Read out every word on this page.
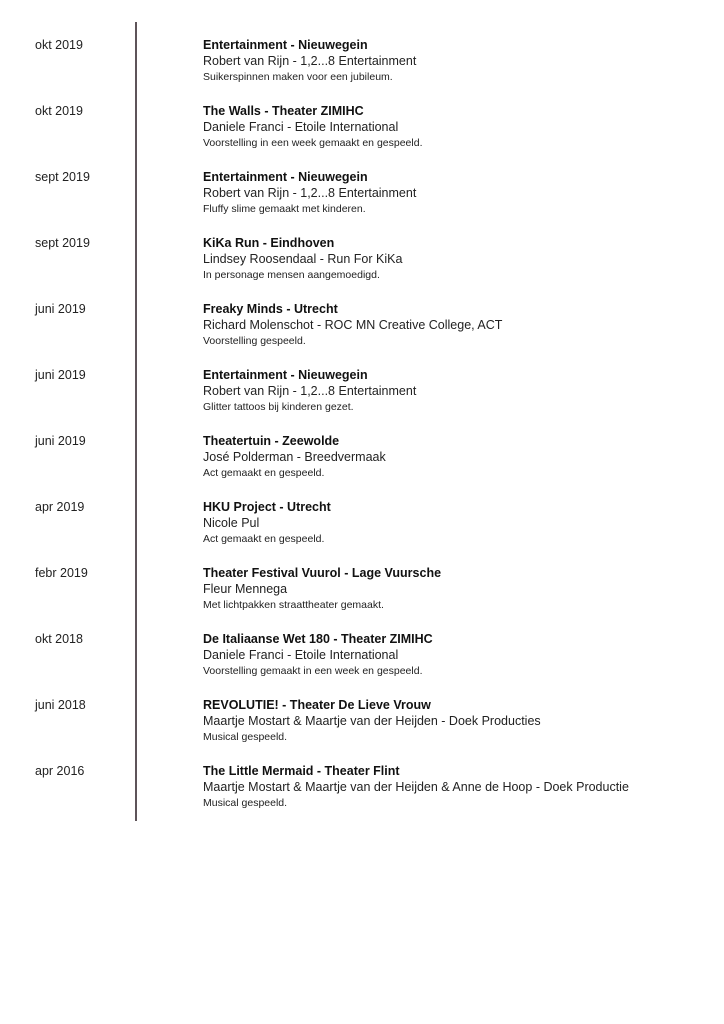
okt 2019	Entertainment - Nieuwegein
Robert van Rijn - 1,2...8 Entertainment
Suikerspinnen maken voor een jubileum.
okt 2019	The Walls - Theater ZIMIHC
Daniele Franci - Etoile International
Voorstelling in een week gemaakt en gespeeld.
sept 2019	Entertainment - Nieuwegein
Robert van Rijn - 1,2...8 Entertainment
Fluffy slime gemaakt met kinderen.
sept 2019	KiKa Run - Eindhoven
Lindsey Roosendaal - Run For KiKa
In personage mensen aangemoedigd.
juni 2019	Freaky Minds - Utrecht
Richard Molenschot - ROC MN Creative College, ACT
Voorstelling gespeeld.
juni 2019	Entertainment - Nieuwegein
Robert van Rijn - 1,2...8 Entertainment
Glitter tattoos bij kinderen gezet.
juni 2019	Theatertuin - Zeewolde
José Polderman - Breedvermaak
Act gemaakt en gespeeld.
apr 2019	HKU Project - Utrecht
Nicole Pul
Act gemaakt en gespeeld.
febr 2019	Theater Festival Vuurol - Lage Vuursche
Fleur Mennega
Met lichtpakken straattheater gemaakt.
okt 2018	De Italiaanse Wet 180 - Theater ZIMIHC
Daniele Franci - Etoile International
Voorstelling gemaakt in een week en gespeeld.
juni 2018	REVOLUTIE! - Theater De Lieve Vrouw
Maartje Mostart & Maartje van der Heijden - Doek Producties
Musical gespeeld.
apr 2016	The Little Mermaid - Theater Flint
Maartje Mostart & Maartje van der Heijden & Anne de Hoop - Doek Productie
Musical gespeeld.
